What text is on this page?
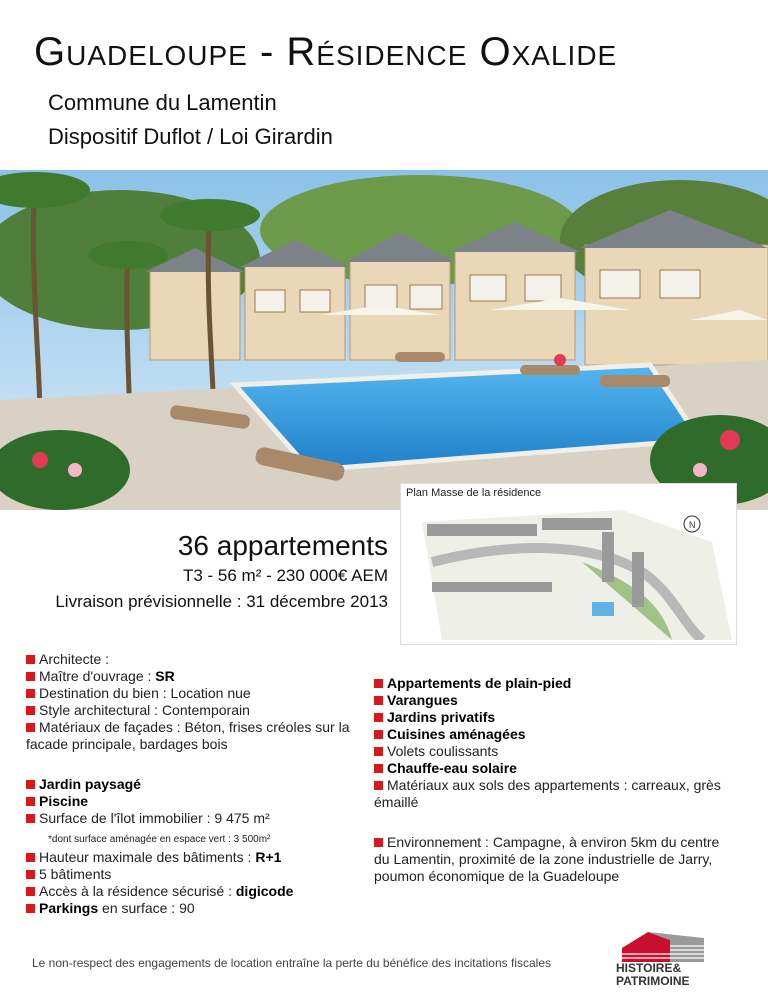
Guadeloupe - Résidence Oxalide
Commune du Lamentin
Dispositif Duflot / Loi Girardin
Plan Masse de la résidence
N
36 appartements
T3 - 56 m² - 230 000€ AEM
Livraison prévisionnelle : 31 décembre 2013

Architecte :

Maître d'ouvrage : SR

Destination du bien : Location nue

Style architectural : Contemporain

Matériaux de façades : Béton, frises créoles sur la facade principale, bardages bois

Jardin paysagé

Piscine

Surface de l'îlot immobilier : 9 475 m²

*dont surface aménagée en espace vert : 3 500m²

Hauteur maximale des bâtiments : R+1

5 bâtiments

Accès à la résidence sécurisé : digicode

Parkings en surface : 90

Appartements de plain-pied

Varangues

Jardins privatifs

Cuisines aménagées

Volets coulissants

Chauffe-eau solaire

Matériaux aux sols des appartements : carreaux, grès émaillé

Environnement : Campagne, à environ 5km du centre du Lamentin, proximité de la zone industrielle de Jarry, poumon économique de la Guadeloupe

Le non-respect des engagements de location entraîne la perte du bénéfice des incitations fiscales	HISTOIRE&
PATRIMOINE
